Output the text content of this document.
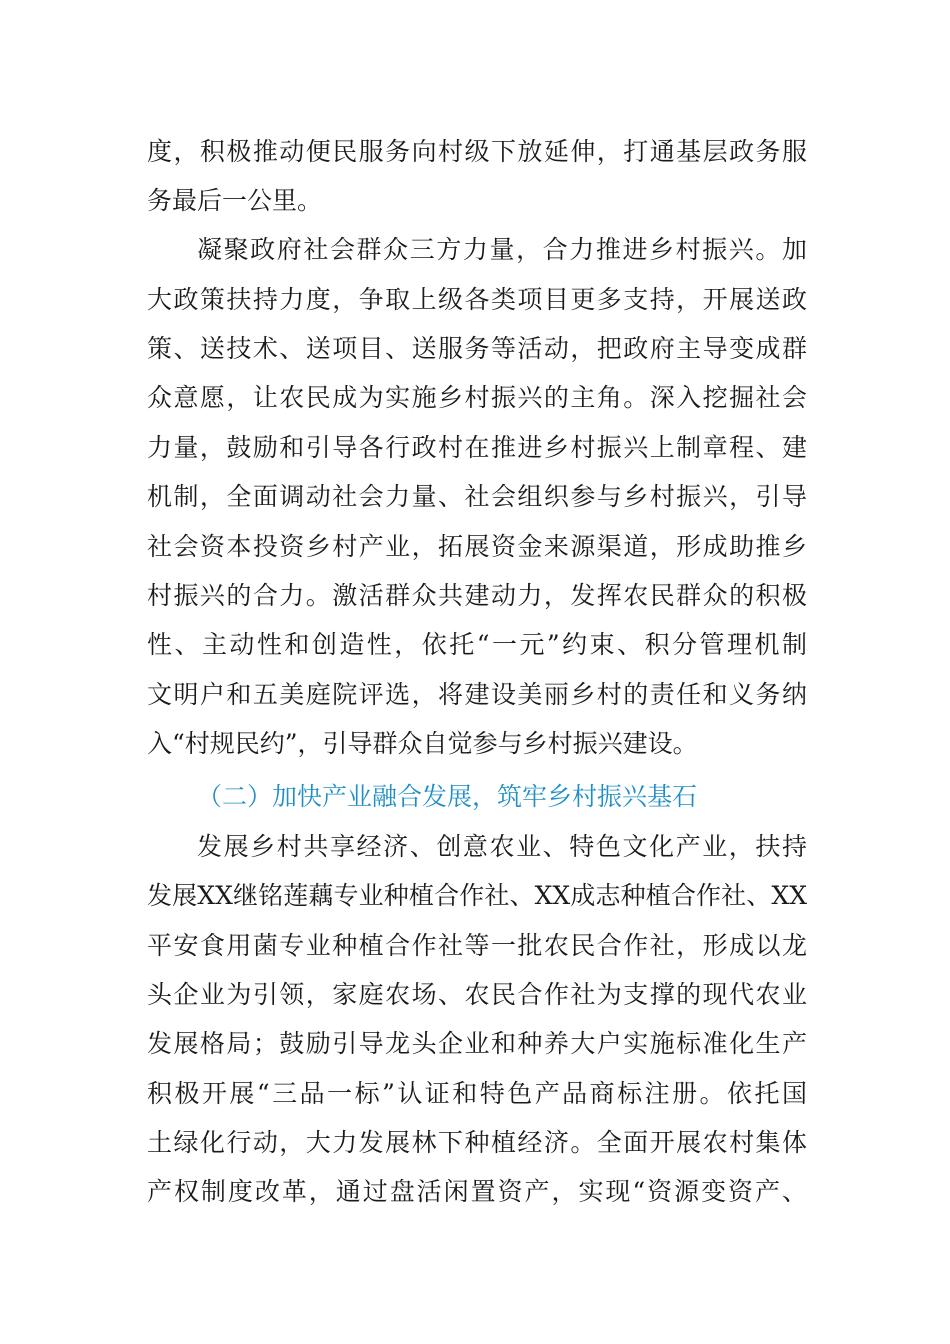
度，积极推动便民服务向村级下放延伸，打通基层政务服
务最后一公里。
凝聚政府社会群众三方力量，合力推进乡村振兴。加
大政策扶持力度，争取上级各类项目更多支持，开展送政
策、送技术、送项目、送服务等活动，把政府主导变成群
众意愿，让农民成为实施乡村振兴的主角。深入挖掘社会
力量，鼓励和引导各行政村在推进乡村振兴上制章程、建
机制，全面调动社会力量、社会组织参与乡村振兴，引导
社会资本投资乡村产业，拓展资金来源渠道，形成助推乡
村振兴的合力。激活群众共建动力，发挥农民群众的积极
性、主动性和创造性，依托“一元”约束、积分管理机制
文明户和五美庭院评选，将建设美丽乡村的责任和义务纳
入“村规民约”，引导群众自觉参与乡村振兴建设。
（二）加快产业融合发展，筑牢乡村振兴基石
发展乡村共享经济、创意农业、特色文化产业，扶持
发展XX继铭莲藕专业种植合作社、XX成志种植合作社、XX
平安食用菌专业种植合作社等一批农民合作社，形成以龙
头企业为引领，家庭农场、农民合作社为支撑的现代农业
发展格局；鼓励引导龙头企业和种养大户实施标准化生产
积极开展“三品一标”认证和特色产品商标注册。依托国
土绿化行动，大力发展林下种植经济。全面开展农村集体
产权制度改革，通过盘活闲置资产，实现“资源变资产、
